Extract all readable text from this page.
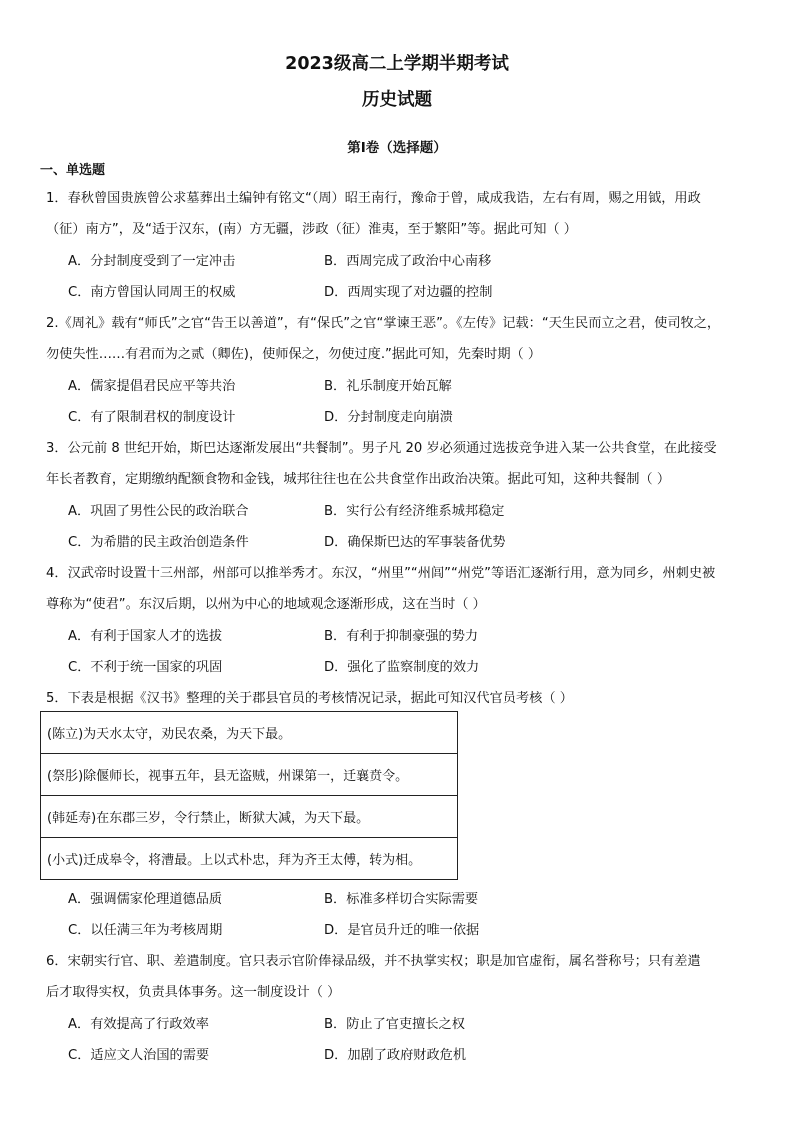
2023级高二上学期半期考试
历史试题
第Ⅰ卷（选择题）
一、单选题
1．春秋曾国贵族曾公求墓葬出土编钟有铭文“（周）昭王南行，豫命于曾，咸成我诰，左右有周，赐之用钺，用政
（征）南方”，及“适于汉东，(南）方无疆，涉政（征）淮夷，至于繁阳”等。据此可知（ ）
A．分封制度受到了一定冲击	B．西周完成了政治中心南移
C．南方曾国认同周王的权威	D．西周实现了对边疆的控制
2.《周礼》载有“师氏”之官“告王以善道”，有“保氏”之官“掌谏王恶”。《左传》记载：“天生民而立之君，使司牧之，
勿使失性……有君而为之贰（卿佐)，使师保之，勿使过度.”据此可知，先秦时期（ ）
A．儒家提倡君民应平等共治	B．礼乐制度开始瓦解
C．有了限制君权的制度设计	D．分封制度走向崩溃
3．公元前 8 世纪开始，斯巴达逐渐发展出“共餐制”。男子凡 20 岁必须通过选拔竞争进入某一公共食堂，在此接受
年长者教育，定期缴纳配额食物和金钱，城邦往往也在公共食堂作出政治决策。据此可知，这种共餐制（ ）
A．巩固了男性公民的政治联合	B．实行公有经济维系城邦稳定
C．为希腊的民主政治创造条件	D．确保斯巴达的军事装备优势
4．汉武帝时设置十三州部，州部可以推举秀才。东汉，“州里”“州闾”“州党”等语汇逐渐行用，意为同乡，州刺史被
尊称为“使君”。东汉后期，以州为中心的地域观念逐渐形成，这在当时（ ）
A．有利于国家人才的选拔	B．有利于抑制豪强的势力
C．不利于统一国家的巩固	D．强化了监察制度的效力
5．下表是根据《汉书》整理的关于郡县官员的考核情况记录，据此可知汉代官员考核（ ）
(陈立)为天水太守，劝民农桑，为天下最。
(祭肜)除偃师长，视事五年，县无盗贼，州课第一，迁襄贲令。
(韩延寿)在东郡三岁，令行禁止，断狱大减，为天下最。
(小式)迁成皋令，将漕最。上以式朴忠，拜为齐王太傅，转为相。
A．强调儒家伦理道德品质	B．标准多样切合实际需要
C．以任满三年为考核周期	D．是官员升迁的唯一依据
6．宋朝实行官、职、差遣制度。官只表示官阶俸禄品级，并不执掌实权；职是加官虚衔，属名誉称号；只有差遣
后才取得实权，负责具体事务。这一制度设计（ ）
A．有效提高了行政效率	B．防止了官吏擅长之权
C．适应文人治国的需要	D．加剧了政府财政危机
